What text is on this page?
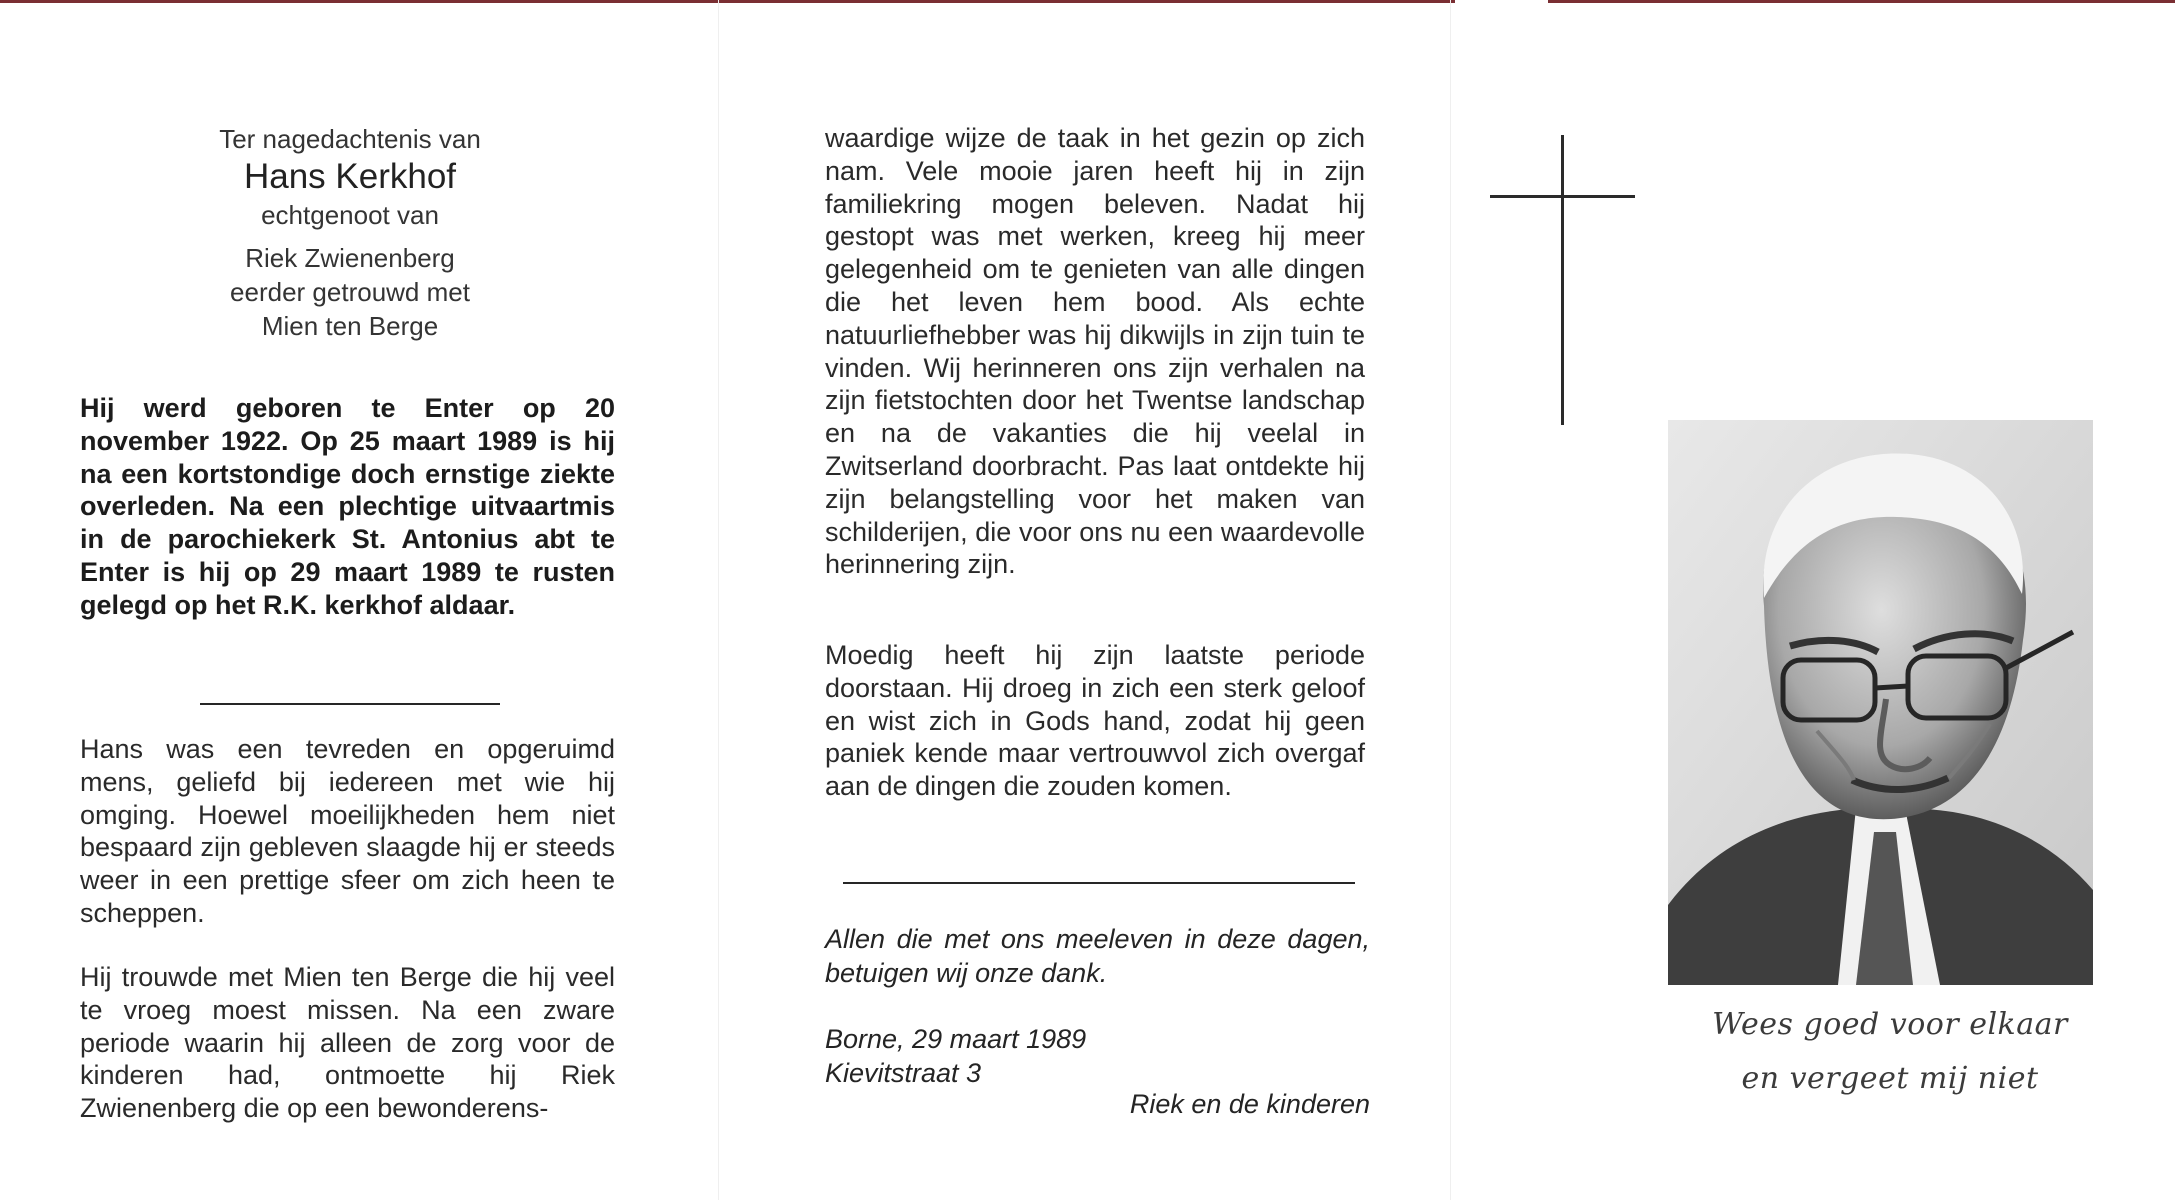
Ter nagedachtenis van
Hans Kerkhof
echtgenoot van
Riek Zwienenberg
eerder getrouwd met
Mien ten Berge
Hij werd geboren te Enter op 20 november 1922. Op 25 maart 1989 is hij na een kortstondige doch ernstige ziekte overleden. Na een plechtige uitvaartmis in de parochiekerk St. Antonius abt te Enter is hij op 29 maart 1989 te rusten gelegd op het R.K. kerkhof aldaar.
Hans was een tevreden en opgeruimd mens, geliefd bij iedereen met wie hij omging. Hoewel moeilijkheden hem niet bespaard zijn gebleven slaagde hij er steeds weer in een prettige sfeer om zich heen te scheppen.
Hij trouwde met Mien ten Berge die hij veel te vroeg moest missen. Na een zware periode waarin hij alleen de zorg voor de kinderen had, ontmoette hij Riek Zwienenberg die op een bewonderens-
waardige wijze de taak in het gezin op zich nam. Vele mooie jaren heeft hij in zijn familiekring mogen beleven. Nadat hij gestopt was met werken, kreeg hij meer gelegenheid om te genieten van alle dingen die het leven hem bood. Als echte natuurliefhebber was hij dikwijls in zijn tuin te vinden. Wij herinneren ons zijn verhalen na zijn fietstochten door het Twentse landschap en na de vakanties die hij veelal in Zwitserland doorbracht. Pas laat ontdekte hij zijn belangstelling voor het maken van schilderijen, die voor ons nu een waardevolle herinnering zijn.
Moedig heeft hij zijn laatste periode doorstaan. Hij droeg in zich een sterk geloof en wist zich in Gods hand, zodat hij geen paniek kende maar vertrouwvol zich overgaf aan de dingen die zouden komen.
Allen die met ons meeleven in deze dagen, betuigen wij onze dank.
Borne, 29 maart 1989
Kievitstraat 3
Riek en de kinderen
Wees goed voor elkaar
en vergeet mij niet
